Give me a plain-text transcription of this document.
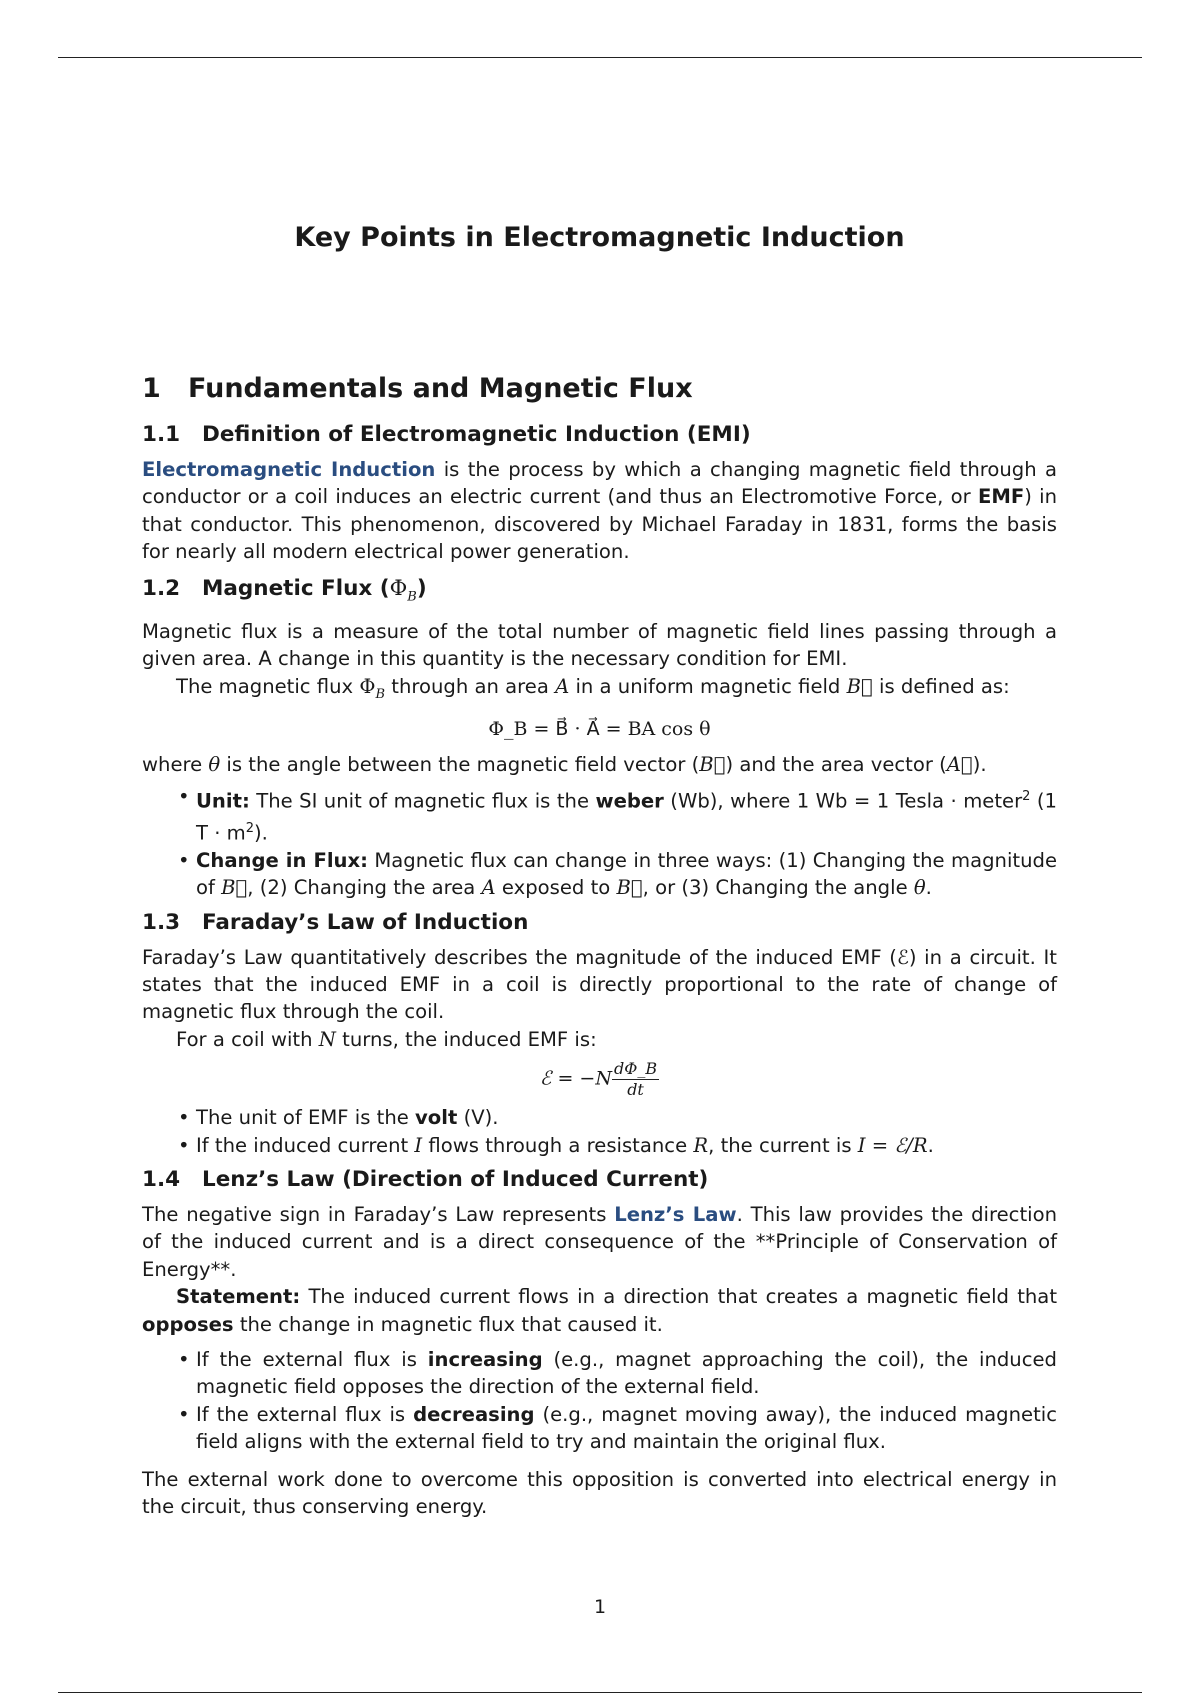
Key Points in Electromagnetic Induction
1 Fundamentals and Magnetic Flux
1.1 Definition of Electromagnetic Induction (EMI)

Electromagnetic Induction is the process by which a changing magnetic field through a conductor or a coil induces an electric current (and thus an Electromotive Force, or EMF) in that conductor. This phenomenon, discovered by Michael Faraday in 1831, forms the basis for nearly all modern electrical power generation.

1.2 Magnetic Flux $(\Phi_B)$

Magnetic flux is a measure of the total number of magnetic field lines passing through a given area. A change in this quantity is the necessary condition for EMI.

The magnetic flux $\Phi_B$ through an area A in a uniform magnetic field B⃗ is defined as:

Φ_B = B⃗ · A⃗ = BA cos θ

where θ is the angle between the magnetic field vector (B⃗) and the area vector (A⃗).

• Unit: The SI unit of magnetic flux is the weber (Wb), where 1 Wb = 1 Tesla · meter$^2$ (1 $T \cdot m^2$).
• Change in Flux: Magnetic flux can change in three ways: (1) Changing the magnitude of B⃗, (2) Changing the area A exposed to B⃗, or (3) Changing the angle θ.
1.3 Faraday’s Law of Induction

Faraday’s Law quantitatively describes the magnitude of the induced EMF (ℰ) in a circuit. It states that the induced EMF in a coil is directly proportional to the rate of change of magnetic flux through the coil.

For a coil with N turns, the induced EMF is:

ℰ = $-N \frac{d\Phi\_B}{dt}$
• The unit of EMF is the volt (V).
• If the induced current I flows through a resistance R, the current is I = ℰ/R.
1.4 Lenz’s Law (Direction of Induced Current)

The negative sign in Faraday’s Law represents Lenz’s Law. This law provides the direction of the induced current and is a direct consequence of the **Principle of Conservation of Energy**.

Statement: The induced current flows in a direction that creates a magnetic field that opposes the change in magnetic flux that caused it.

• If the external flux is increasing (e.g., magnet approaching the coil), the induced magnetic field opposes the direction of the external field.
• If the external flux is decreasing (e.g., magnet moving away), the induced magnetic field aligns with the external field to try and maintain the original flux.

The external work done to overcome this opposition is converted into electrical energy in the circuit, thus conserving energy.

1
